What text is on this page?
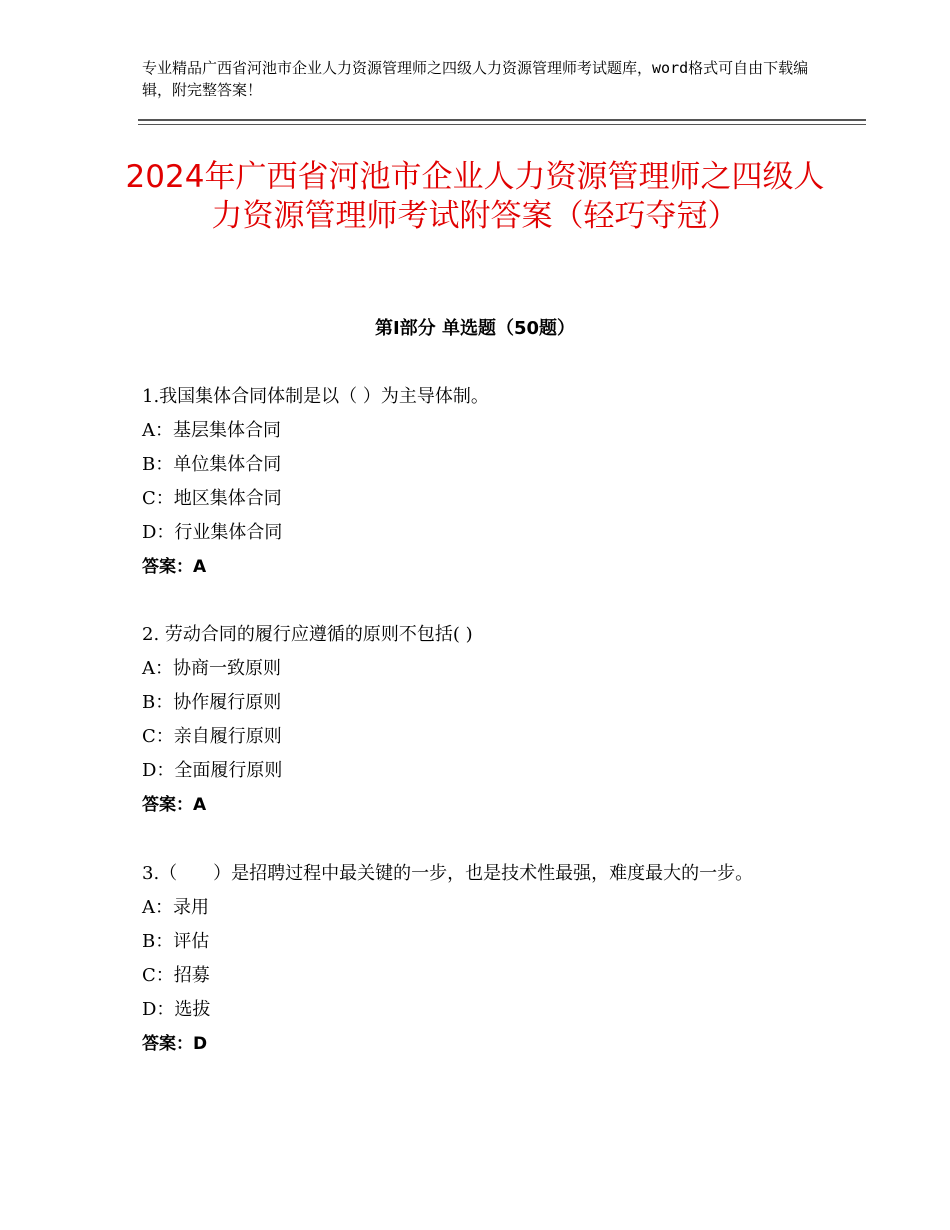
专业精品广西省河池市企业人力资源管理师之四级人力资源管理师考试题库，word格式可自由下载编辑，附完整答案！
2024年广西省河池市企业人力资源管理师之四级人力资源管理师考试附答案（轻巧夺冠）
第Ⅰ部分 单选题（50题）

1.我国集体合同体制是以（ ）为主导体制。

A：基层集体合同

B：单位集体合同

C：地区集体合同

D：行业集体合同

答案：A

2. 劳动合同的履行应遵循的原则不包括( )

A：协商一致原则

B：协作履行原则

C：亲自履行原则

D：全面履行原则

答案：A

3.（　　）是招聘过程中最关键的一步，也是技术性最强，难度最大的一步。

A：录用

B：评估

C：招募

D：选拔

答案：D
